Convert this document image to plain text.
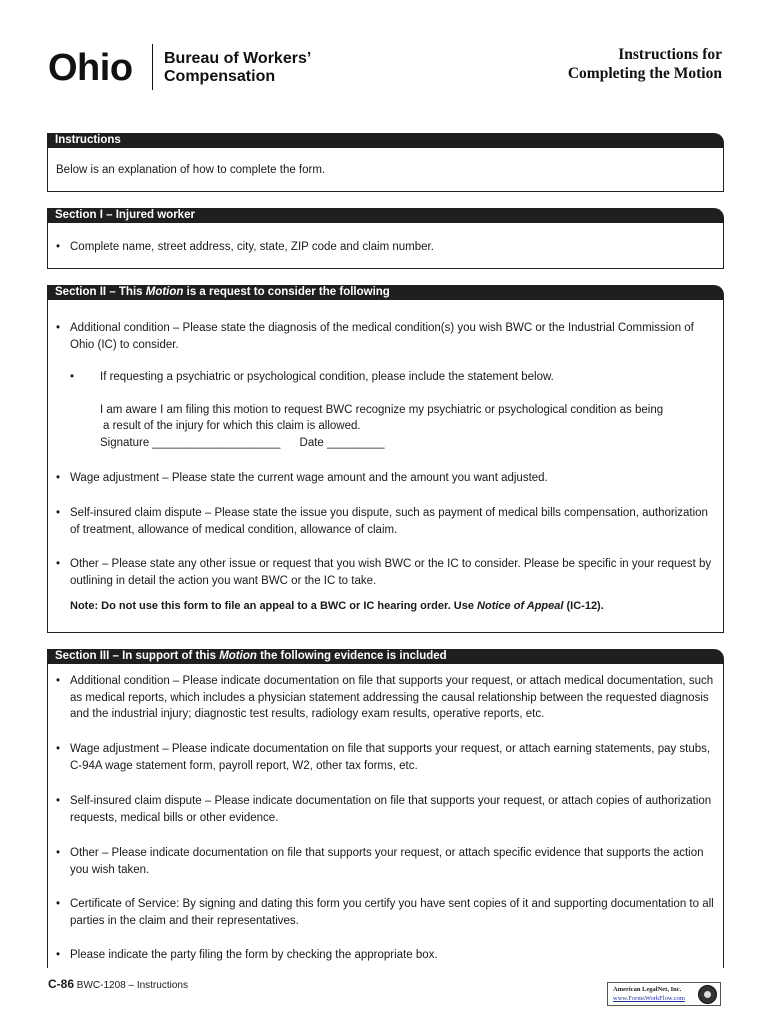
Ohio Bureau of Workers’
Compensation
Instructions for
Completing the Motion
Instructions
Below is an explanation of how to complete the form.
Section I – Injured worker
• Complete name, street address, city, state, ZIP code and claim number.
Section II – This Motion is a request to consider the following
• Additional condition – Please state the diagnosis of the medical condition(s) you wish BWC or the Industrial Commission of Ohio (IC) to consider.
•	If requesting a psychiatric or psychological condition, please include the statement below.
I am aware I am filing this motion to request BWC recognize my psychiatric or psychological condition as being
a result of the injury for which this claim is allowed.
Signature ____________________      Date _________
• Wage adjustment – Please state the current wage amount and the amount you want adjusted.
• Self-insured claim dispute – Please state the issue you dispute, such as payment of medical bills compensation, authorization of treatment, allowance of medical condition, allowance of claim.
• Other – Please state any other issue or request that you wish BWC or the IC to consider. Please be specific in your request by outlining in detail the action you want BWC or the IC to take.
Note: Do not use this form to file an appeal to a BWC or IC hearing order. Use Notice of Appeal (IC-12).
Section III – In support of this Motion the following evidence is included
• Additional condition – Please indicate documentation on file that supports your request, or attach medical documentation, such as medical reports, which includes a physician statement addressing the causal relationship between the requested diagnosis and the industrial injury; diagnostic test results, radiology exam results, operative reports, etc.
• Wage adjustment – Please indicate documentation on file that supports your request, or attach earning statements, pay stubs, C-94A wage statement form, payroll report, W2, other tax forms, etc.
• Self-insured claim dispute – Please indicate documentation on file that supports your request, or attach copies of authorization requests, medical bills or other evidence.
• Other – Please indicate documentation on file that supports your request, or attach specific evidence that supports the action you wish taken.
• Certificate of Service: By signing and dating this form you certify you have sent copies of it and supporting documentation to all parties in the claim and their representatives.
• Please indicate the party filing the form by checking the appropriate box.
C-86 BWC-1208 – Instructions	American LegalNet, Inc.
www.FormsWorkFlow.com
